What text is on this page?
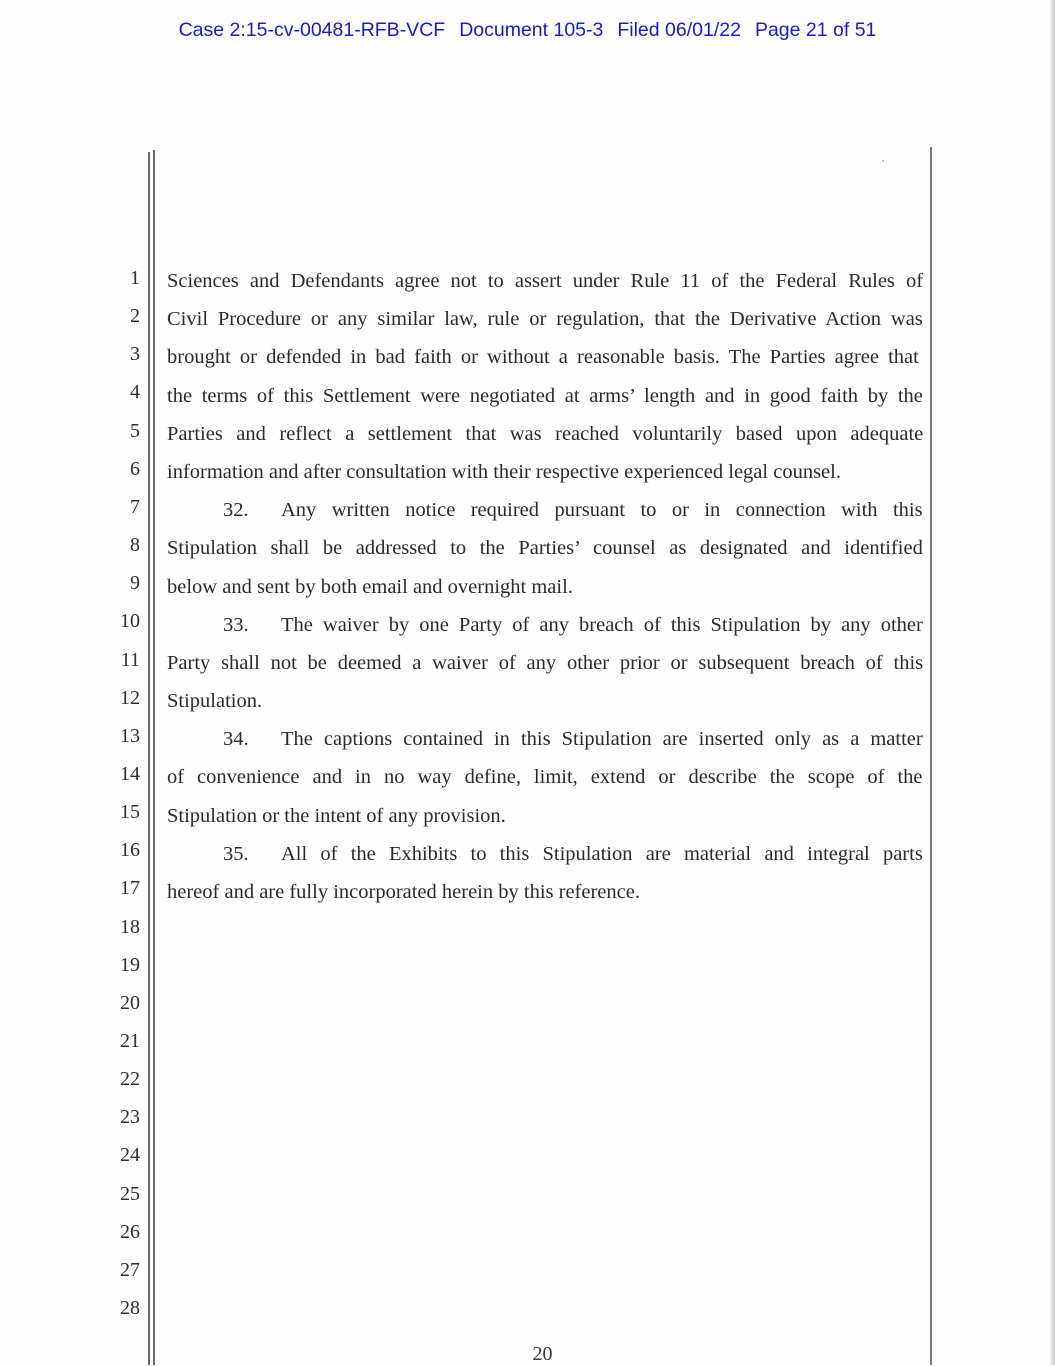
Case 2:15-cv-00481-RFB-VCF Document 105-3 Filed 06/01/22 Page 21 of 51
1
2
3
4
5
6
7
8
9
10
11
12
13
14
15
16
17
18
19
20
21
22
23
24
25
26
27
28
Sciences and Defendants agree not to assert under Rule 11 of the Federal Rules of
Civil Procedure or any similar law, rule or regulation, that the Derivative Action was
brought or defended in bad faith or without a reasonable basis. The Parties agree that
the terms of this Settlement were negotiated at arms’ length and in good faith by the
Parties and reflect a settlement that was reached voluntarily based upon adequate
information and after consultation with their respective experienced legal counsel.
32. Any written notice required pursuant to or in connection with this
Stipulation shall be addressed to the Parties’ counsel as designated and identified
below and sent by both email and overnight mail.
33. The waiver by one Party of any breach of this Stipulation by any other
Party shall not be deemed a waiver of any other prior or subsequent breach of this
Stipulation.
34. The captions contained in this Stipulation are inserted only as a matter
of convenience and in no way define, limit, extend or describe the scope of the
Stipulation or the intent of any provision.
35. All of the Exhibits to this Stipulation are material and integral parts
hereof and are fully incorporated herein by this reference.
20
